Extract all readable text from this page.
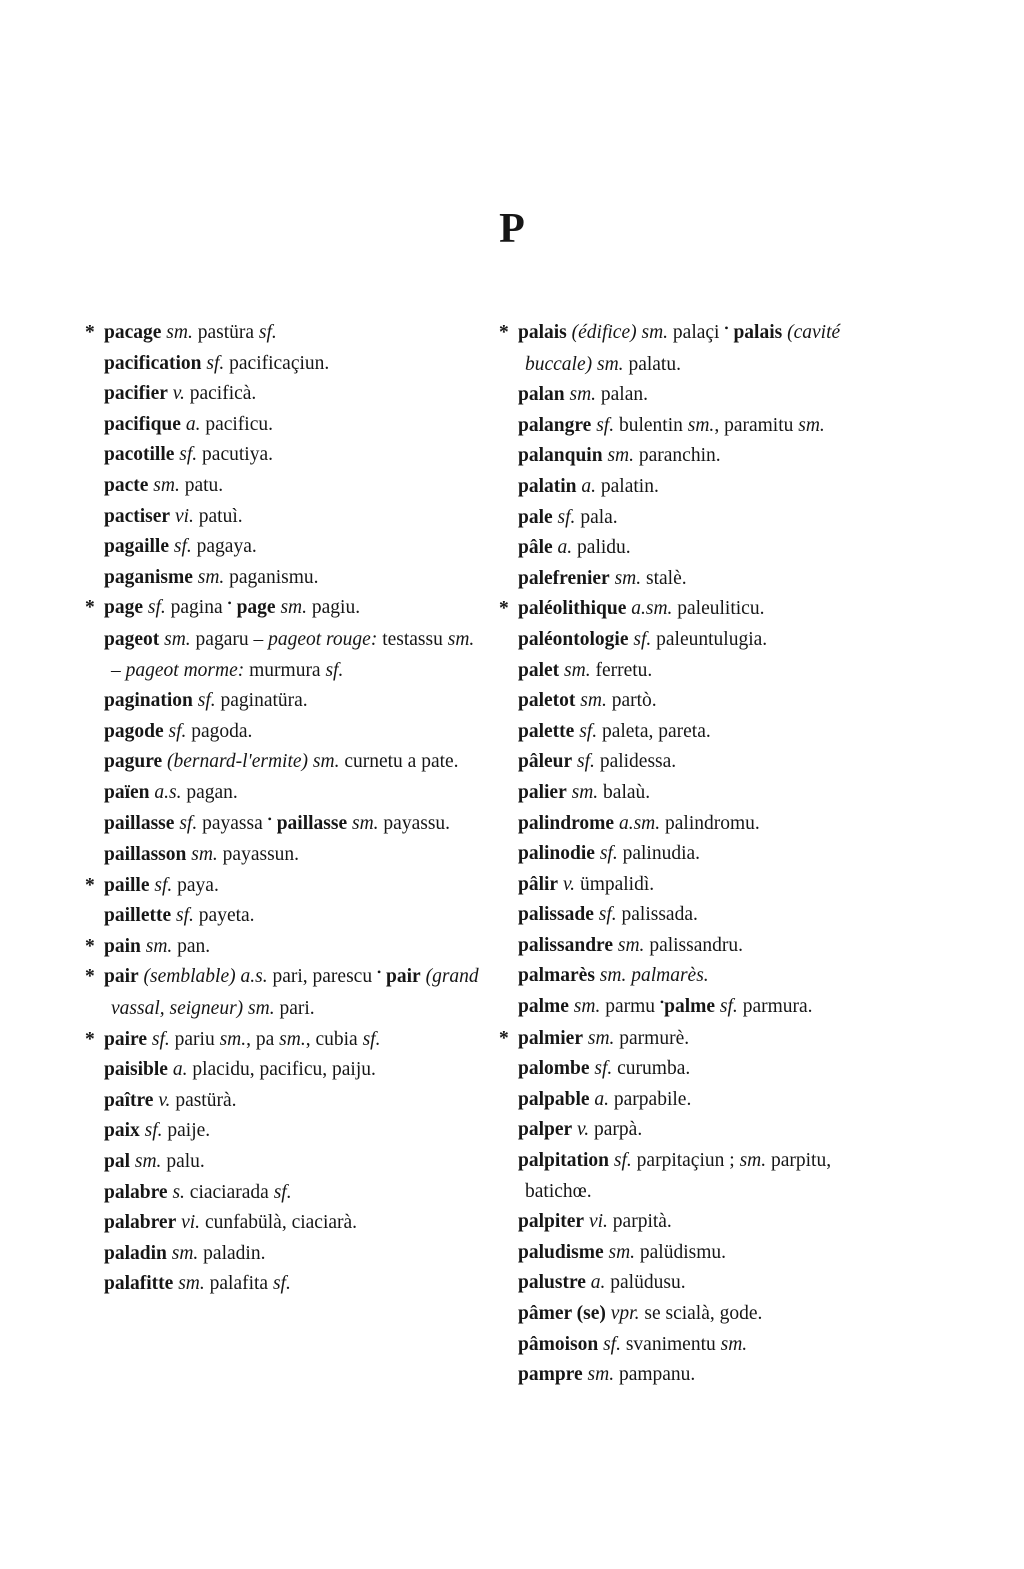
P
* pacage sm. pastüra sf.
pacification sf. pacificaçiun.
pacifier v. pacificà.
pacifique a. pacificu.
pacotille sf. pacutiya.
pacte sm. patu.
pactiser vi. patuì.
pagaille sf. pagaya.
paganisme sm. paganismu.
* page sf. pagina • page sm. pagiu.
pageot sm. pagaru – pageot rouge: testassu sm. – pageot morme: murmura sf.
pagination sf. paginatüra.
pagode sf. pagoda.
pagure (bernard-l'ermite) sm. curnetu a pate.
païen a.s. pagan.
paillasse sf. payassa • paillasse sm. payassu.
paillasson sm. payassun.
* paille sf. paya.
paillette sf. payeta.
* pain sm. pan.
* pair (semblable) a.s. pari, parescu • pair (grand vassal, seigneur) sm. pari.
* paire sf. pariu sm., pa sm., cubia sf.
paisible a. placidu, pacificu, paiju.
paître v. pastürà.
paix sf. paije.
pal sm. palu.
palabre s. ciaciarada sf.
palabrer vi. cunfabülà, ciaciarà.
paladin sm. paladin.
palafitte sm. palafita sf.
* palais (édifice) sm. palaçi • palais (cavité buccale) sm. palatu.
palan sm. palan.
palangre sf. bulentin sm., paramitu sm.
palanquin sm. paranchin.
palatin a. palatin.
pale sf. pala.
pâle a. palidu.
palefrenier sm. stalè.
* paléolithique a.sm. paleuliticu.
paléontologie sf. paleuntulugia.
palet sm. ferretu.
paletot sm. partò.
palette sf. paleta, pareta.
pâleur sf. palidessa.
palier sm. balaù.
palindrome a.sm. palindromu.
palinodie sf. palinudia.
pâlir v. ümpalidì.
palissade sf. palissada.
palissandre sm. palissandru.
palmarès sm. palmarès.
palme sm. parmu •palme sf. parmura.
* palmier sm. parmurè.
palombe sf. curumba.
palpable a. parpabile.
palper v. parpà.
palpitation sf. parpitaçiun ; sm. parpitu, batichœ.
palpiter vi. parpità.
paludisme sm. palüdismu.
palustre a. palüdusu.
pâmer (se) vpr. se scialà, gode.
pâmoison sf. svanimentu sm.
pampre sm. pampanu.
